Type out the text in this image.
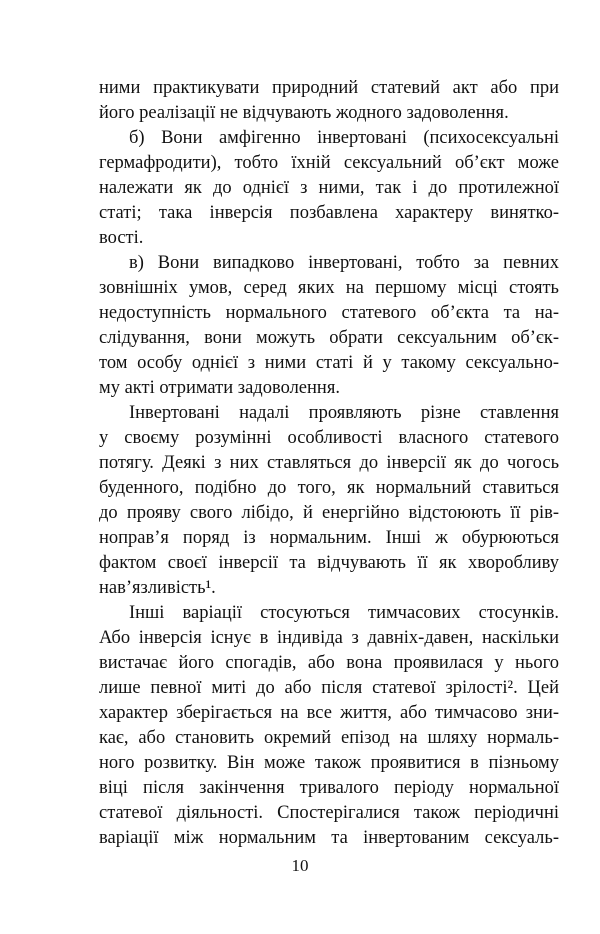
ними практикувати природний статевий акт або при
його реалізації не відчувають жодного задоволення.
б) Вони амфігенно інвертовані (психосексуальні
гермафродити), тобто їхній сексуальний об’єкт може
належати як до однієї з ними, так і до протилежної
статі; така інверсія позбавлена характеру винятко-
вості.
в) Вони випадково інвертовані, тобто за певних
зовнішніх умов, серед яких на першому місці стоять
недоступність нормального статевого об’єкта та на-
слідування, вони можуть обрати сексуальним об’єк-
том особу однієї з ними статі й у такому сексуально-
му акті отримати задоволення.
Інвертовані надалі проявляють різне ставлення
у своєму розумінні особливості власного статевого
потягу. Деякі з них ставляться до інверсії як до чогось
буденного, подібно до того, як нормальний ставиться
до прояву свого лібідо, й енергійно відстоюють її рів-
ноправ’я поряд із нормальним. Інші ж обурюються
фактом своєї інверсії та відчувають її як хворобливу
нав’язливість¹.
Інші варіації стосуються тимчасових стосунків.
Або інверсія існує в індивіда з давніх-давен, наскільки
вистачає його спогадів, або вона проявилася у нього
лише певної миті до або після статевої зрілості². Цей
характер зберігається на все життя, або тимчасово зни-
кає, або становить окремий епізод на шляху нормаль-
ного розвитку. Він може також проявитися в пізньому
віці після закінчення тривалого періоду нормальної
статевої діяльності. Спостерігалися також періодичні
варіації між нормальним та інвертованим сексуаль-
10
